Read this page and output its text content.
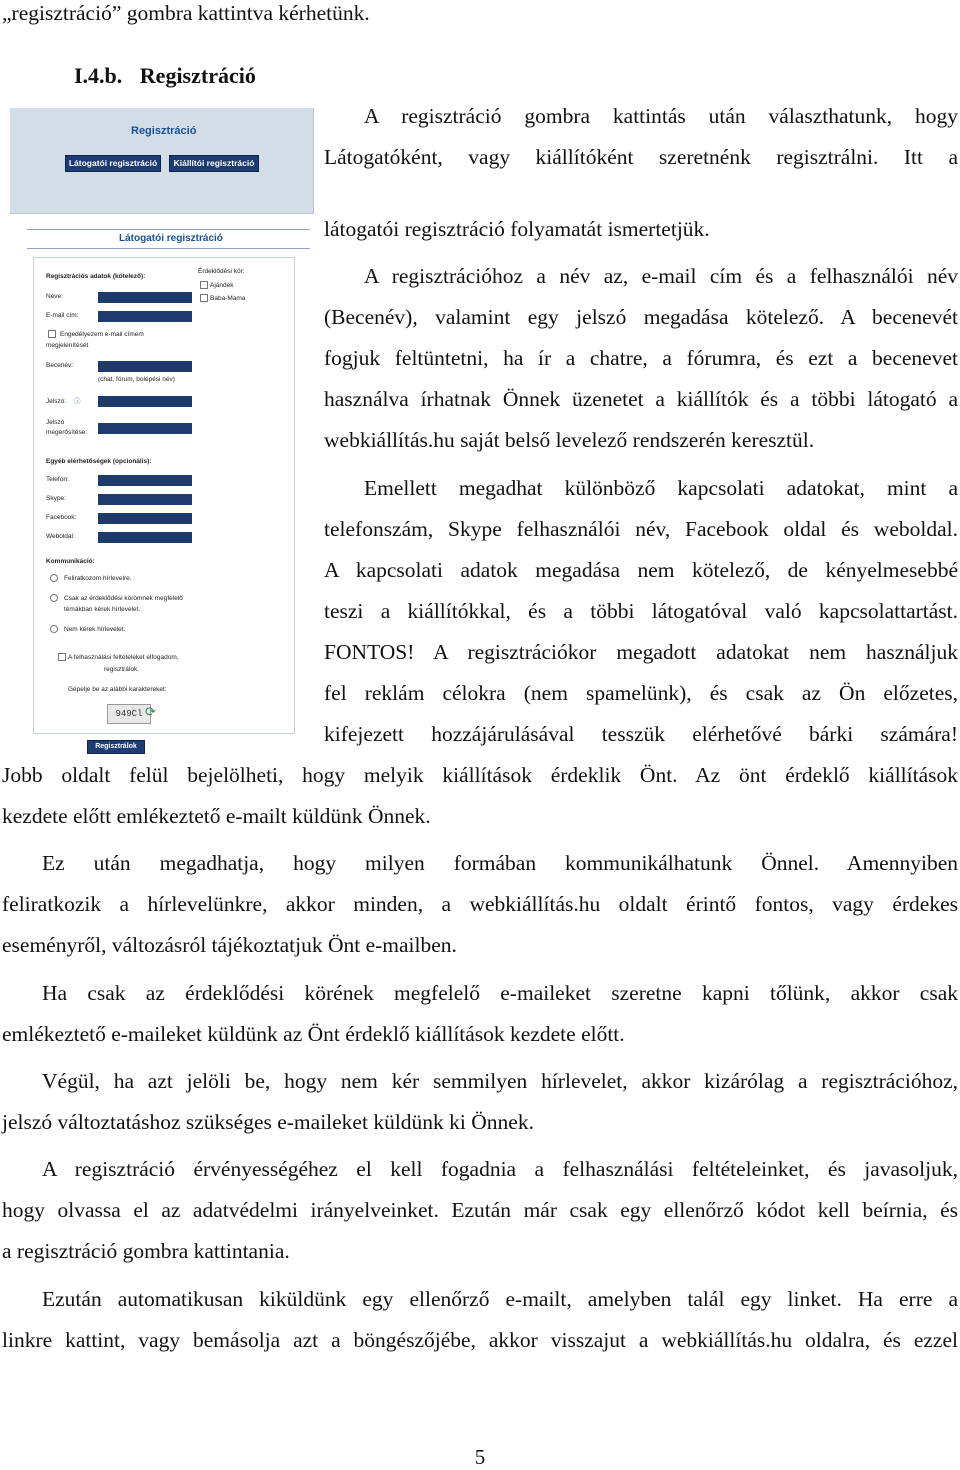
„regisztráció” gombra kattintva kérhetünk.
I.4.b. Regisztráció
Regisztráció
Látogatói regisztráció	Kiállítói regisztráció
Látogatói regisztráció
Regisztrációs adatok (kötelező):
Neve:
E-mail cím:
Engedélyezem e-mail címem
megjelenítését
Becenév:
(chat, fórum, bolépési név)
Jelszó: ⓘ
Jelszó
megerősítése:
Érdeklődési kör:
Ajándék
Baba-Mama
Egyéb elérhetőségek (opcionális):
Telefon:
Skype:
Facebook:
Weboldal:
Kommunikáció:
Feliratkozom hírlevelre.
Csak az érdeklődési körömnek megfelelő
témákban kérek hírlevelet.
Nem kérek hírlevelet.
A felhasználási feltételeket elfogadom,
regisztrálok.
Gépelje be az alábbi karaktereket:
949Cl ⟳
Regisztrálok
A regisztráció gombra kattintás után választhatunk, hogy
Látogatóként, vagy kiállítóként szeretnénk regisztrálni. Itt a
látogatói regisztráció folyamatát ismertetjük.
A regisztrációhoz a név az, e-mail cím és a felhasználói név
(Becenév), valamint egy jelszó megadása kötelező. A becenevét
fogjuk feltüntetni, ha ír a chatre, a fórumra, és ezt a becenevet
használva írhatnak Önnek üzenetet a kiállítók és a többi látogató a
webkiállítás.hu saját belső levelező rendszerén keresztül.
Emellett megadhat különböző kapcsolati adatokat, mint a
telefonszám, Skype felhasználói név, Facebook oldal és weboldal.
A kapcsolati adatok megadása nem kötelező, de kényelmesebbé
teszi a kiállítókkal, és a többi látogatóval való kapcsolattartást.
FONTOS! A regisztrációkor megadott adatokat nem használjuk
fel reklám célokra (nem spamelünk), és csak az Ön előzetes,
kifejezett hozzájárulásával tesszük elérhetővé bárki számára!
Jobb oldalt felül bejelölheti, hogy melyik kiállítások érdeklik Önt. Az önt érdeklő kiállítások
kezdete előtt emlékeztető e-mailt küldünk Önnek.
Ez után megadhatja, hogy milyen formában kommunikálhatunk Önnel. Amennyiben
feliratkozik a hírlevelünkre, akkor minden, a webkiállítás.hu oldalt érintő fontos, vagy érdekes
eseményről, változásról tájékoztatjuk Önt e-mailben.
Ha csak az érdeklődési körének megfelelő e-maileket szeretne kapni tőlünk, akkor csak
emlékeztető e-maileket küldünk az Önt érdeklő kiállítások kezdete előtt.
Végül, ha azt jelöli be, hogy nem kér semmilyen hírlevelet, akkor kizárólag a regisztrációhoz,
jelszó változtatáshoz szükséges e-maileket küldünk ki Önnek.
A regisztráció érvényességéhez el kell fogadnia a felhasználási feltételeinket, és javasoljuk,
hogy olvassa el az adatvédelmi irányelveinket. Ezután már csak egy ellenőrző kódot kell beírnia, és
a regisztráció gombra kattintania.
Ezután automatikusan kiküldünk egy ellenőrző e-mailt, amelyben talál egy linket. Ha erre a
linkre kattint, vagy bemásolja azt a böngészőjébe, akkor visszajut a webkiállítás.hu oldalra, és ezzel
5
